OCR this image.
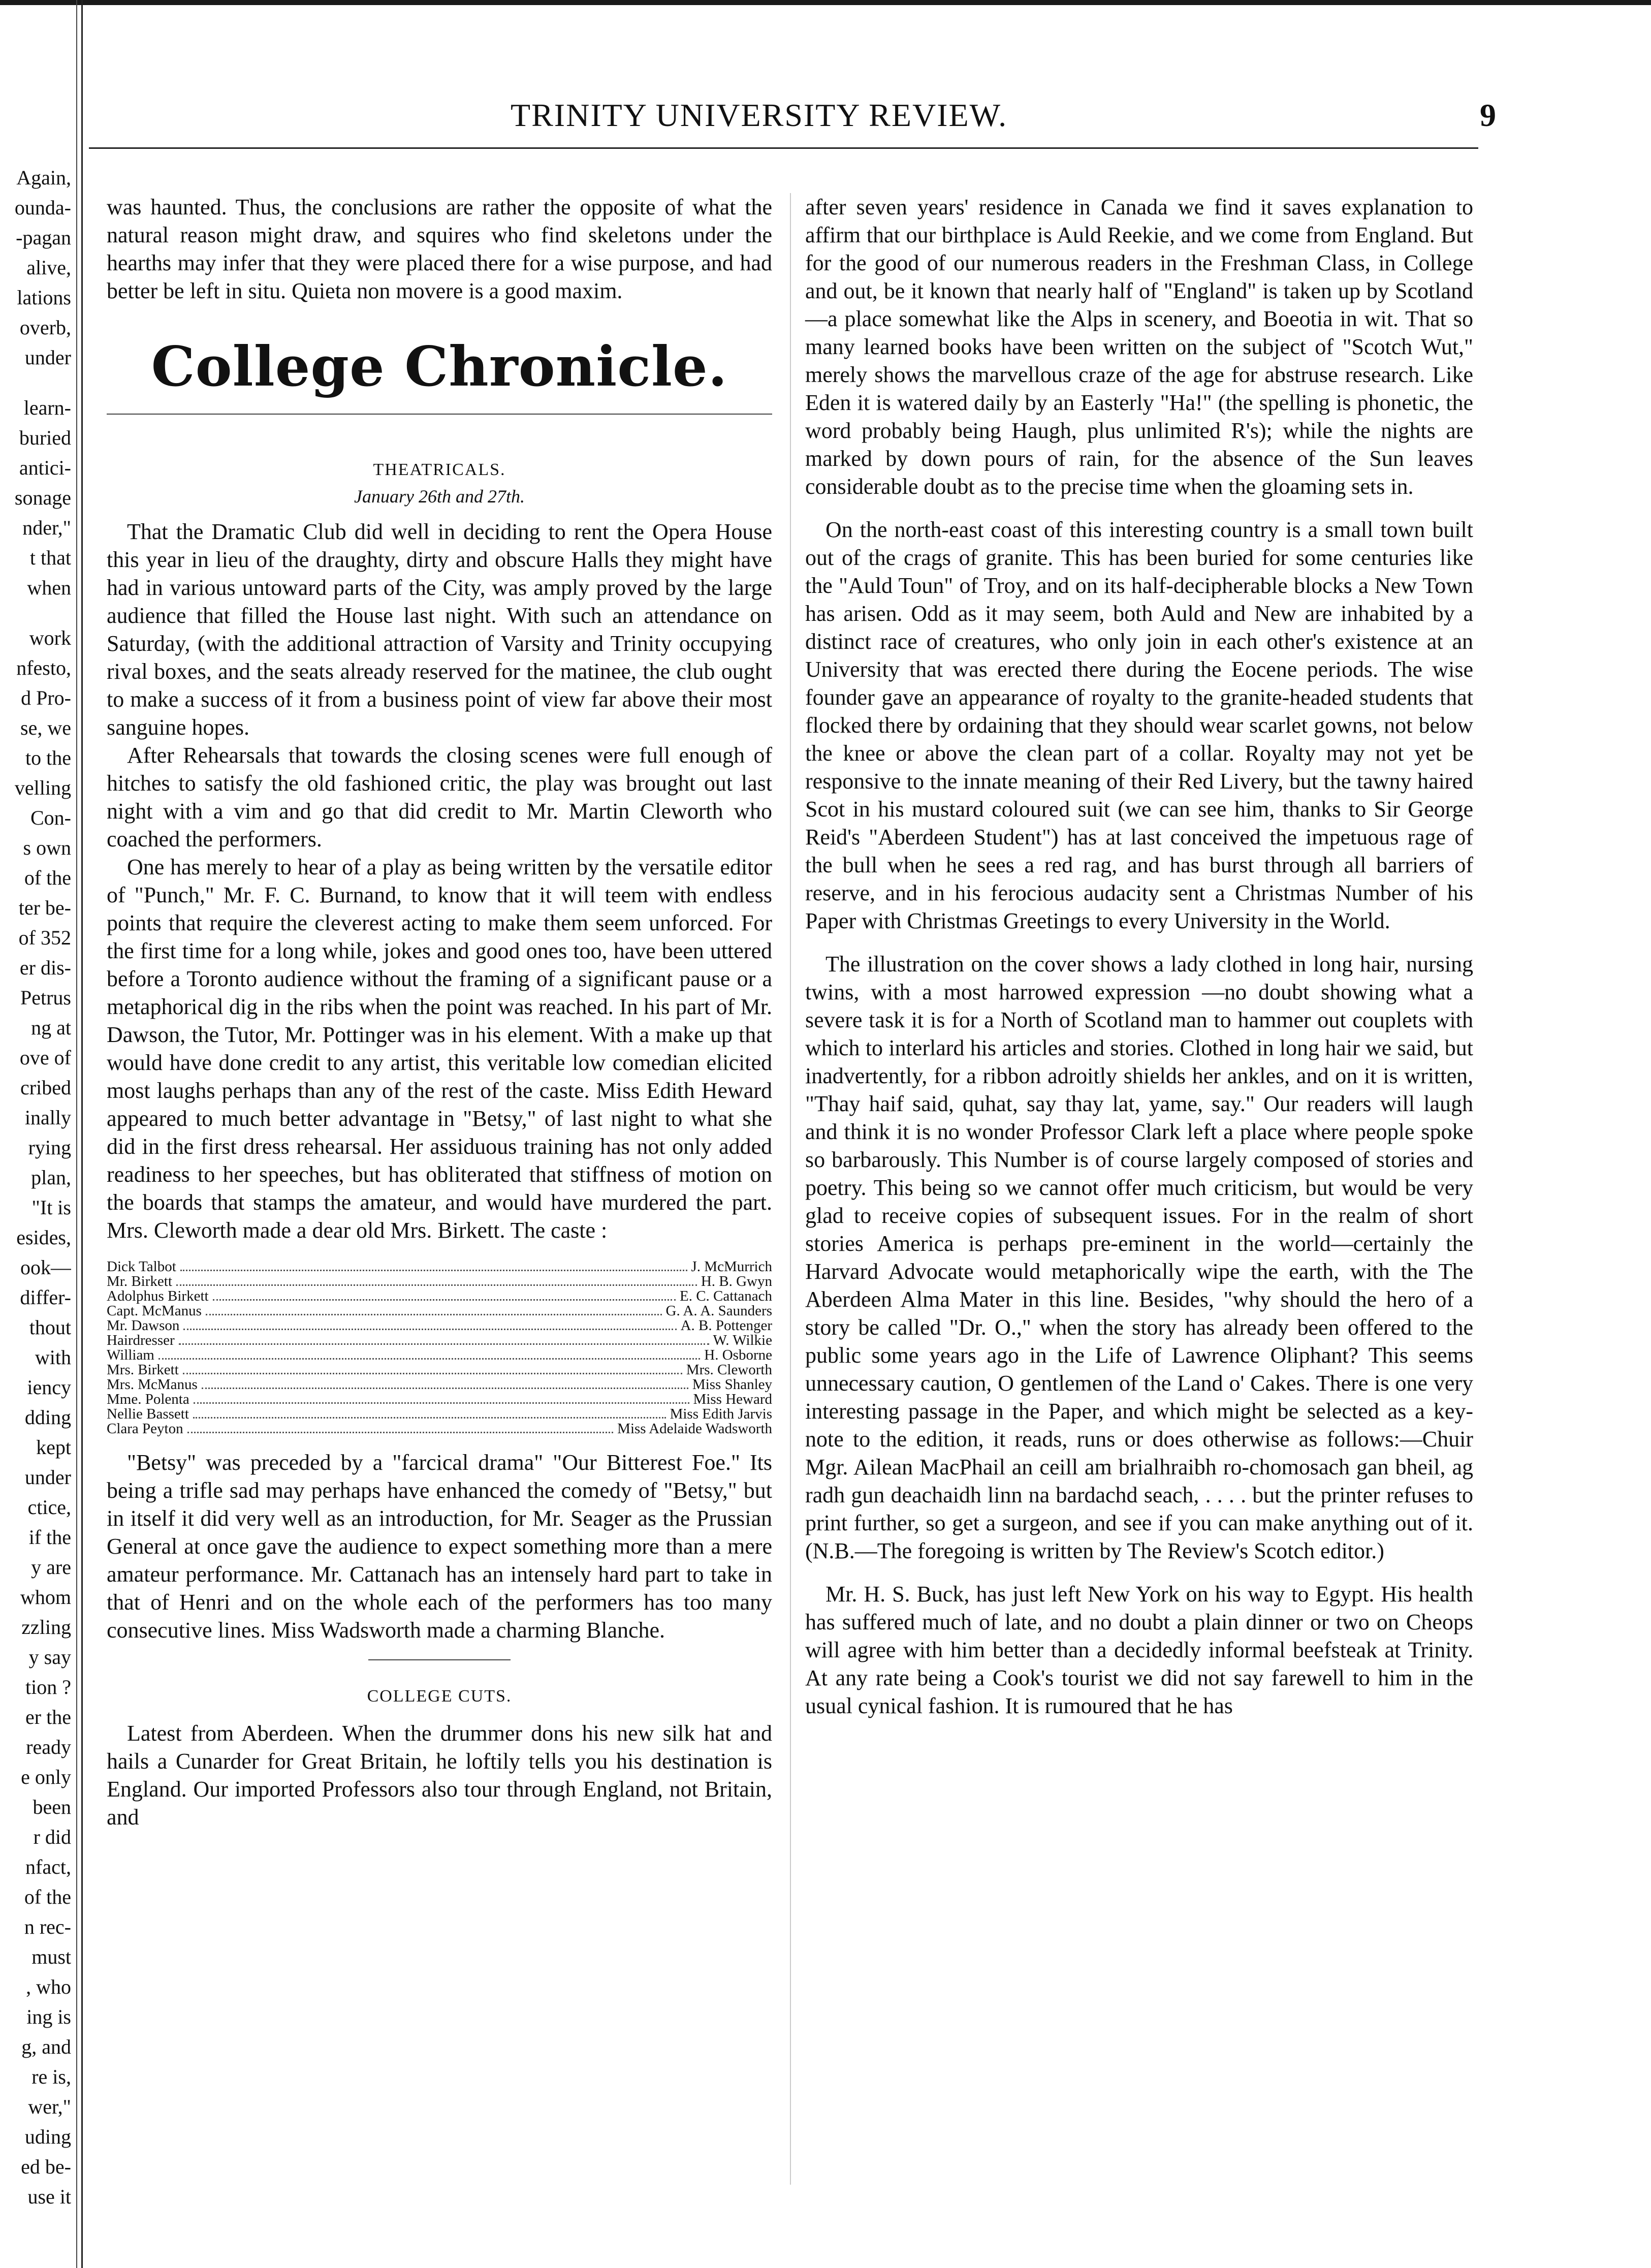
Again,
ounda-
-pagan
alive,
lations
overb,
under
learn-
buried
antici-
sonage
nder,"
t that
when
work
nfesto,
d Pro-
se, we
to the
velling
Con-
s own
of the
ter be-
of 352
er dis-
Petrus
ng at
ove of
cribed
inally
rying
plan,
"It is
esides,
ook—
differ-
thout
with
iency
dding
kept
under
ctice,
if the
y are
whom
zzling
y say
tion ?
er the
ready
e only
been
r did
nfact,
of the
n rec-
must
, who
ing is
g, and
re is,
wer,"
uding
ed be-
use it
TRINITY UNIVERSITY REVIEW.	9

was haunted. Thus, the conclusions are rather the opposite of what the natural reason might draw, and squires who find skeletons under the hearths may infer that they were placed there for a wise purpose, and had better be left in situ. Quieta non movere is a good maxim.

College Chronicle.
THEATRICALS.
January 26th and 27th.

That the Dramatic Club did well in deciding to rent the Opera House this year in lieu of the draughty, dirty and obscure Halls they might have had in various untoward parts of the City, was amply proved by the large audience that filled the House last night. With such an attendance on Saturday, (with the additional attraction of Varsity and Trinity occupying rival boxes, and the seats already reserved for the matinee, the club ought to make a success of it from a business point of view far above their most sanguine hopes.

After Rehearsals that towards the closing scenes were full enough of hitches to satisfy the old fashioned critic, the play was brought out last night with a vim and go that did credit to Mr. Martin Cleworth who coached the performers.

One has merely to hear of a play as being written by the versatile editor of "Punch," Mr. F. C. Burnand, to know that it will teem with endless points that require the cleverest acting to make them seem unforced. For the first time for a long while, jokes and good ones too, have been uttered before a Toronto audience without the framing of a significant pause or a metaphorical dig in the ribs when the point was reached. In his part of Mr. Dawson, the Tutor, Mr. Pottinger was in his element. With a make up that would have done credit to any artist, this veritable low comedian elicited most laughs perhaps than any of the rest of the caste. Miss Edith Heward appeared to much better advantage in "Betsy," of last night to what she did in the first dress rehearsal. Her assiduous training has not only added readiness to her speeches, but has obliterated that stiffness of motion on the boards that stamps the amateur, and would have murdered the part. Mrs. Cleworth made a dear old Mrs. Birkett. The caste :

Dick Talbot	J. McMurrich
Mr. Birkett	H. B. Gwyn
Adolphus Birkett	E. C. Cattanach
Capt. McManus	G. A. A. Saunders
Mr. Dawson	A. B. Pottenger
Hairdresser	W. Wilkie
William	H. Osborne
Mrs. Birkett	Mrs. Cleworth
Mrs. McManus	Miss Shanley
Mme. Polenta	Miss Heward
Nellie Bassett	Miss Edith Jarvis
Clara Peyton	Miss Adelaide Wadsworth

"Betsy" was preceded by a "farcical drama" "Our Bitterest Foe." Its being a trifle sad may perhaps have enhanced the comedy of "Betsy," but in itself it did very well as an introduction, for Mr. Seager as the Prussian General at once gave the audience to expect something more than a mere amateur performance. Mr. Cattanach has an intensely hard part to take in that of Henri and on the whole each of the performers has too many consecutive lines. Miss Wadsworth made a charming Blanche.

COLLEGE CUTS.

Latest from Aberdeen. When the drummer dons his new silk hat and hails a Cunarder for Great Britain, he loftily tells you his destination is England. Our imported Professors also tour through England, not Britain, and

after seven years' residence in Canada we find it saves explanation to affirm that our birthplace is Auld Reekie, and we come from England. But for the good of our numerous readers in the Freshman Class, in College and out, be it known that nearly half of "England" is taken up by Scotland—a place somewhat like the Alps in scenery, and Boeotia in wit. That so many learned books have been written on the subject of "Scotch Wut," merely shows the marvellous craze of the age for abstruse research. Like Eden it is watered daily by an Easterly "Ha!" (the spelling is phonetic, the word probably being Haugh, plus unlimited R's); while the nights are marked by down pours of rain, for the absence of the Sun leaves considerable doubt as to the precise time when the gloaming sets in.

On the north-east coast of this interesting country is a small town built out of the crags of granite. This has been buried for some centuries like the "Auld Toun" of Troy, and on its half-decipherable blocks a New Town has arisen. Odd as it may seem, both Auld and New are inhabited by a distinct race of creatures, who only join in each other's existence at an University that was erected there during the Eocene periods. The wise founder gave an appearance of royalty to the granite-headed students that flocked there by ordaining that they should wear scarlet gowns, not below the knee or above the clean part of a collar. Royalty may not yet be responsive to the innate meaning of their Red Livery, but the tawny haired Scot in his mustard coloured suit (we can see him, thanks to Sir George Reid's "Aberdeen Student") has at last conceived the impetuous rage of the bull when he sees a red rag, and has burst through all barriers of reserve, and in his ferocious audacity sent a Christmas Number of his Paper with Christmas Greetings to every University in the World.

The illustration on the cover shows a lady clothed in long hair, nursing twins, with a most harrowed expression —no doubt showing what a severe task it is for a North of Scotland man to hammer out couplets with which to interlard his articles and stories. Clothed in long hair we said, but inadvertently, for a ribbon adroitly shields her ankles, and on it is written, "Thay haif said, quhat, say thay lat, yame, say." Our readers will laugh and think it is no wonder Professor Clark left a place where people spoke so barbarously. This Number is of course largely composed of stories and poetry. This being so we cannot offer much criticism, but would be very glad to receive copies of subsequent issues. For in the realm of short stories America is perhaps pre-eminent in the world—certainly the Harvard Advocate would metaphorically wipe the earth, with the The Aberdeen Alma Mater in this line. Besides, "why should the hero of a story be called "Dr. O.," when the story has already been offered to the public some years ago in the Life of Lawrence Oliphant? This seems unnecessary caution, O gentlemen of the Land o' Cakes. There is one very interesting passage in the Paper, and which might be selected as a key-note to the edition, it reads, runs or does otherwise as follows:—Chuir Mgr. Ailean MacPhail an ceill am brialhraibh ro-chomosach gan bheil, ag radh gun deachaidh linn na bardachd seach, . . . . but the printer refuses to print further, so get a surgeon, and see if you can make anything out of it. (N.B.—The foregoing is written by The Review's Scotch editor.)

Mr. H. S. Buck, has just left New York on his way to Egypt. His health has suffered much of late, and no doubt a plain dinner or two on Cheops will agree with him better than a decidedly informal beefsteak at Trinity. At any rate being a Cook's tourist we did not say farewell to him in the usual cynical fashion. It is rumoured that he has
